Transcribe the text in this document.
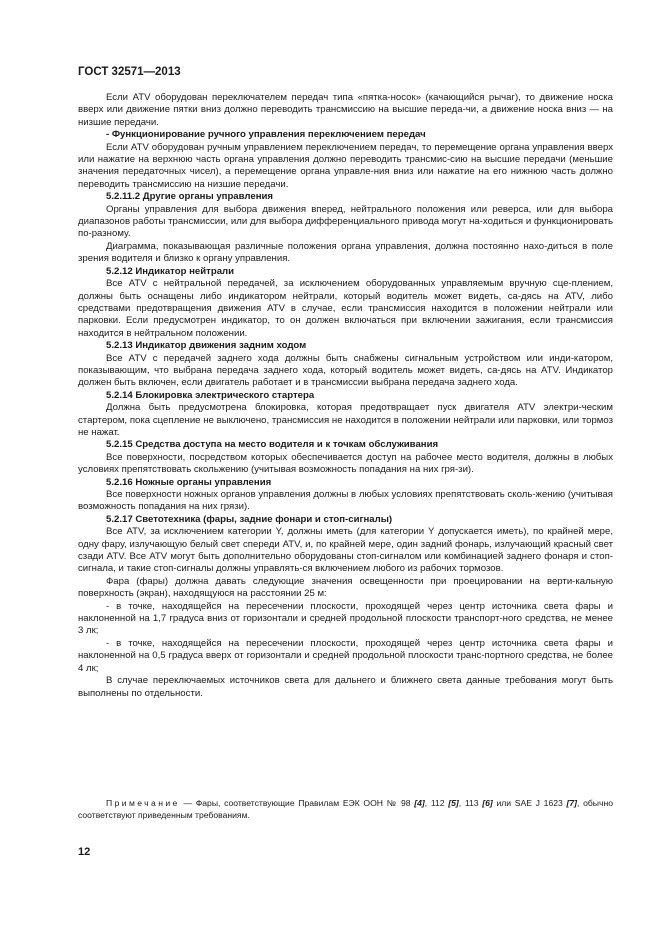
ГОСТ 32571—2013

Если ATV оборудован переключателем передач типа «пятка-носок» (качающийся рычаг), то движение носка вверх или движение пятки вниз должно переводить трансмиссию на высшие переда-чи, а движение носка вниз — на низшие передачи.

- Функционирование ручного управления переключением передач

Если ATV оборудован ручным управлением переключением передач, то перемещение органа управления вверх или нажатие на верхнюю часть органа управления должно переводить трансмис-сию на высшие передачи (меньшие значения передаточных чисел), а перемещение органа управле-ния вниз или нажатие на его нижнюю часть должно переводить трансмиссию на низшие передачи.

5.2.11.2 Другие органы управления

Органы управления для выбора движения вперед, нейтрального положения или реверса, или для выбора диапазонов работы трансмиссии, или для выбора дифференциального привода могут на-ходиться и функционировать по-разному.

Диаграмма, показывающая различные положения органа управления, должна постоянно нахо-диться в поле зрения водителя и близко к органу управления.

5.2.12 Индикатор нейтрали

Все ATV с нейтральной передачей, за исключением оборудованных управляемым вручную сце-плением, должны быть оснащены либо индикатором нейтрали, который водитель может видеть, са-дясь на ATV, либо средствами предотвращения движения ATV в случае, если трансмиссия находится в положении нейтрали или парковки. Если предусмотрен индикатор, то он должен включаться при включении зажигания, если трансмиссия находится в нейтральном положении.

5.2.13 Индикатор движения задним ходом

Все ATV с передачей заднего хода должны быть снабжены сигнальным устройством или инди-катором, показывающим, что выбрана передача заднего хода, который водитель может видеть, са-дясь на ATV. Индикатор должен быть включен, если двигатель работает и в трансмиссии выбрана передача заднего хода.

5.2.14 Блокировка электрического стартера

Должна быть предусмотрена блокировка, которая предотвращает пуск двигателя ATV электри-ческим стартером, пока сцепление не выключено, трансмиссия не находится в положении нейтрали или парковки, или тормоз не нажат.

5.2.15 Средства доступа на место водителя и к точкам обслуживания

Все поверхности, посредством которых обеспечивается доступ на рабочее место водителя, должны в любых условиях препятствовать скольжению (учитывая возможность попадания на них гря-зи).

5.2.16 Ножные органы управления

Все поверхности ножных органов управления должны в любых условиях препятствовать сколь-жению (учитывая возможность попадания на них грязи).

5.2.17 Светотехника (фары, задние фонари и стоп-сигналы)

Все ATV, за исключением категории Y, должны иметь (для категории Y допускается иметь), по крайней мере, одну фару, излучающую белый свет спереди ATV, и, по крайней мере, один задний фонарь, излучающий красный свет сзади ATV. Все ATV могут быть дополнительно оборудованы стоп-сигналом или комбинацией заднего фонаря и стоп-сигнала, и такие стоп-сигналы должны управлять-ся включением любого из рабочих тормозов.

Фара (фары) должна давать следующие значения освещенности при проецировании на верти-кальную поверхность (экран), находящуюся на расстоянии 25 м:

- в точке, находящейся на пересечении плоскости, проходящей через центр источника света фары и наклоненной на 1,7 градуса вниз от горизонтали и средней продольной плоскости транспорт-ного средства, не менее 3 лк;

- в точке, находящейся на пересечении плоскости, проходящей через центр источника света фары и наклоненной на 0,5 градуса вверх от горизонтали и средней продольной плоскости транс-портного средства, не более 4 лк;

В случае переключаемых источников света для дальнего и ближнего света данные требования могут быть выполнены по отдельности.

Примечание — Фары, соответствующие Правилам ЕЭК ООН № 98 [4], 112 [5], 113 [6] или SAE J 1623 [7], обычно соответствуют приведенным требованиям.
12
